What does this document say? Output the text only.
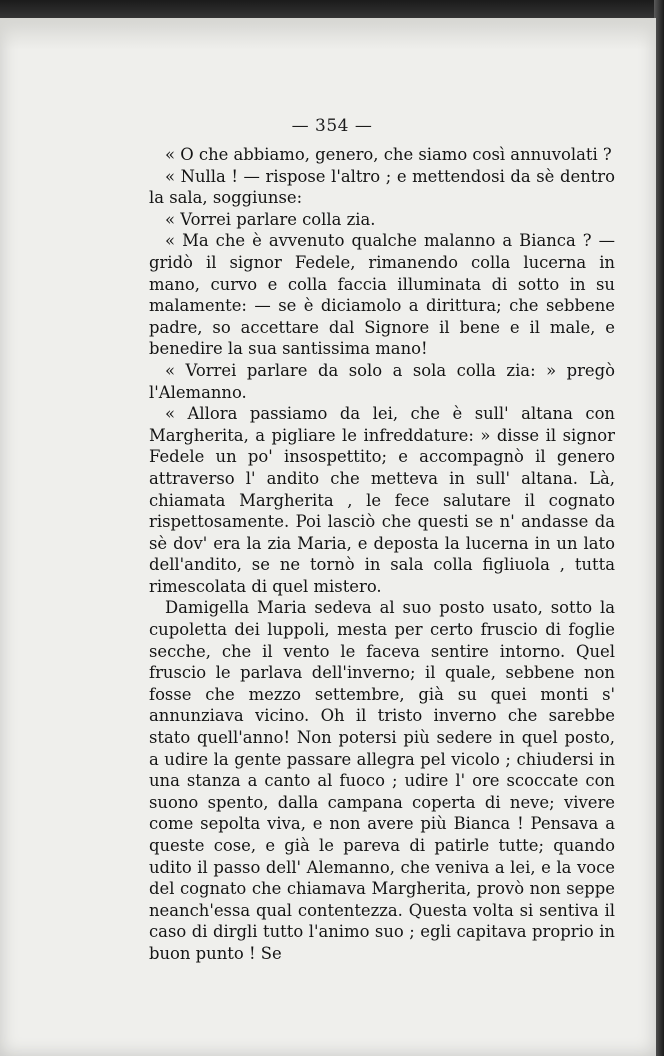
— 354 —

« O che abbiamo, genero, che siamo così annuvolati ?

« Nulla ! — rispose l'altro ; e mettendosi da sè dentro la sala, soggiunse:

« Vorrei parlare colla zia.

« Ma che è avvenuto qualche malanno a Bianca ? — gridò il signor Fedele, rimanendo colla lucerna in mano, curvo e colla faccia illuminata di sotto in su malamente: — se è diciamolo a dirittura; che sebbene padre, so accettare dal Signore il bene e il male, e benedire la sua santissima mano!

« Vorrei parlare da solo a sola colla zia: » pregò l'Alemanno.

« Allora passiamo da lei, che è sull' altana con Margherita, a pigliare le infreddature: » disse il signor Fedele un po' insospettito; e accompagnò il genero attraverso l' andito che metteva in sull' altana. Là, chiamata Margherita , le fece salutare il cognato rispettosamente. Poi lasciò che questi se n' andasse da sè dov' era la zia Maria, e deposta la lucerna in un lato dell'andito, se ne tornò in sala colla figliuola , tutta rimescolata di quel mistero.

Damigella Maria sedeva al suo posto usato, sotto la cupoletta dei luppoli, mesta per certo fruscio di foglie secche, che il vento le faceva sentire intorno. Quel fruscio le parlava dell'inverno; il quale, sebbene non fosse che mezzo settembre, già su quei monti s' annunziava vicino. Oh il tristo inverno che sarebbe stato quell'anno! Non potersi più sedere in quel posto, a udire la gente passare allegra pel vicolo ; chiudersi in una stanza a canto al fuoco ; udire l' ore scoccate con suono spento, dalla campana coperta di neve; vivere come sepolta viva, e non avere più Bianca ! Pensava a queste cose, e già le pareva di patirle tutte; quando udito il passo dell' Alemanno, che veniva a lei, e la voce del cognato che chiamava Margherita, provò non seppe neanch'essa qual contentezza. Questa volta si sentiva il caso di dirgli tutto l'animo suo ; egli capitava proprio in buon punto ! Se
